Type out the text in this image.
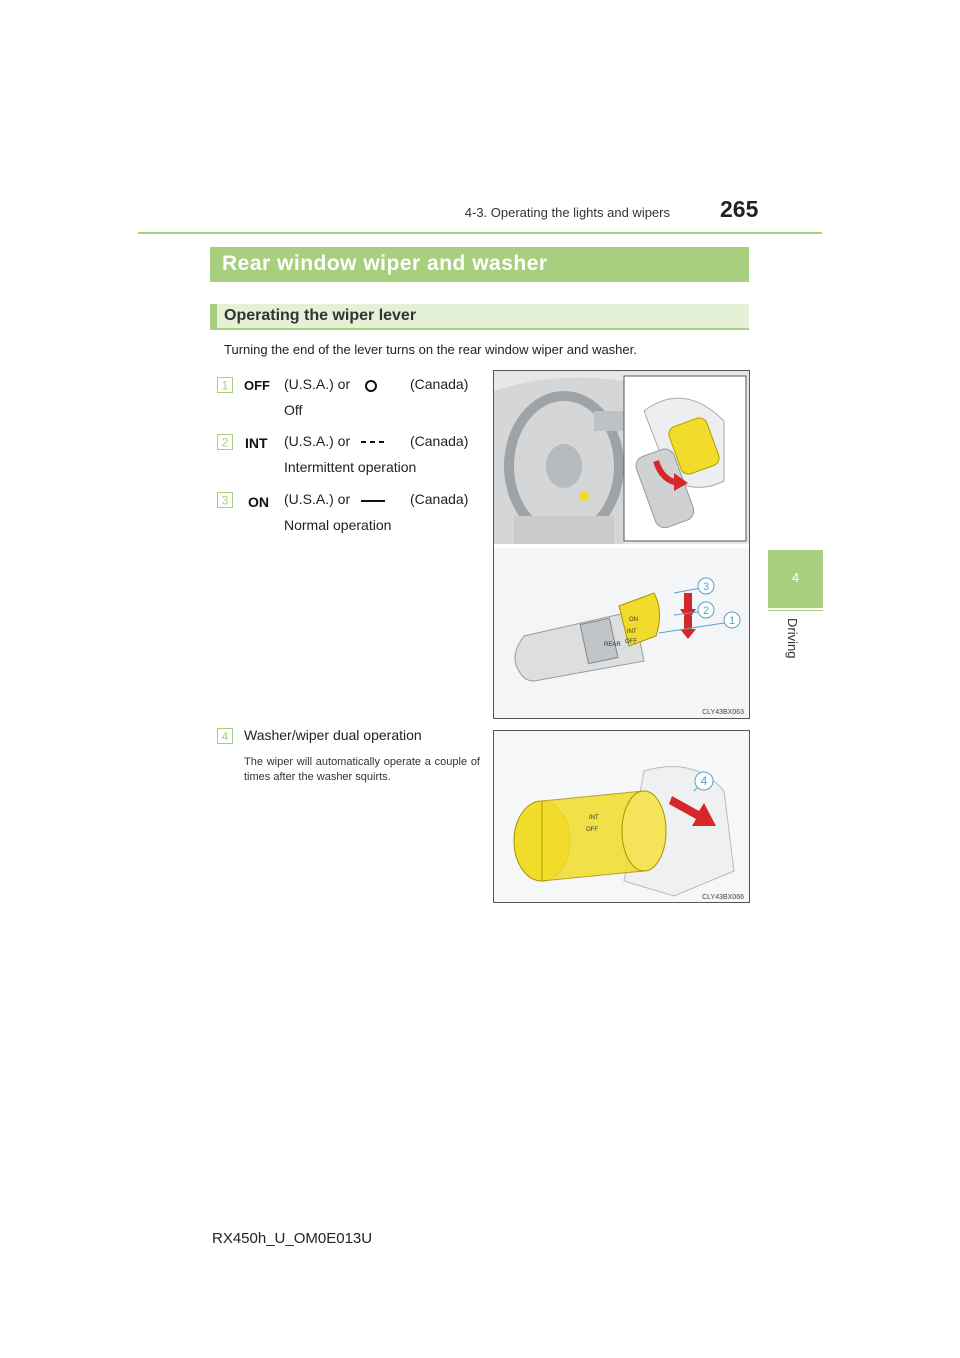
4-3. Operating the lights and wipers 265
4
Driving
Rear window wiper and washer
Operating the wiper lever
Turning the end of the lever turns on the rear window wiper and washer.
1 OFF (U.S.A.) or	(Canada)
Off
2 INT (U.S.A.) or	(Canada)
Intermittent operation
3 ON (U.S.A.) or	(Canada)
Normal operation
4 Washer/wiper dual operation
The wiper will automatically operate a couple of times after the washer squirts.
ON
INT
OFF
REAR
3
2
1
CLY43BX063
INT
OFF
4
CLY43BX066
RX450h_U_OM0E013U
